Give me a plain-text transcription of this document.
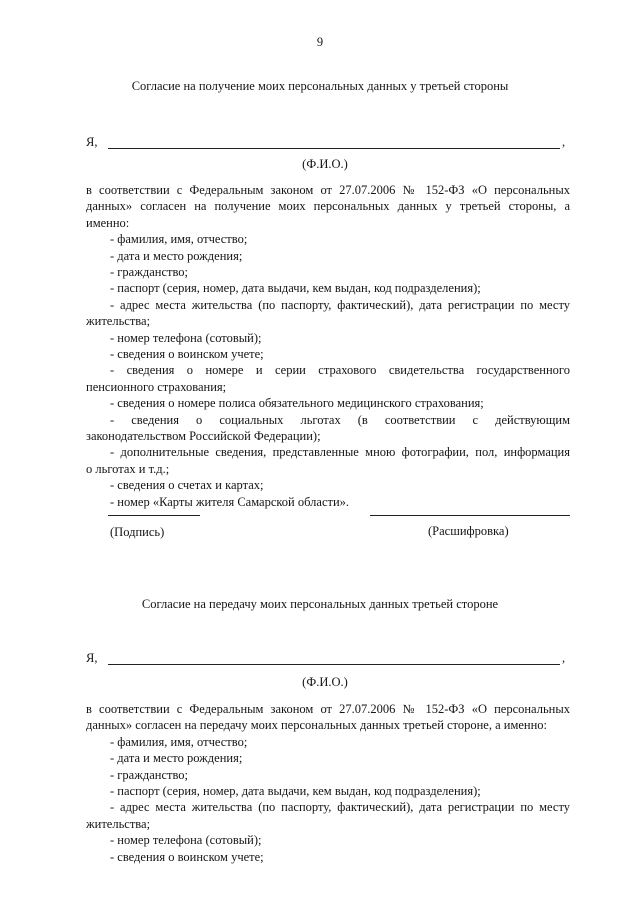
9
Согласие на получение моих персональных данных у третьей стороны
Я,	,
(Ф.И.О.)
в соответствии с Федеральным законом от 27.07.2006 № 152-ФЗ «О персональных
данных» согласен на получение моих персональных данных у третьей стороны, а
именно:
- фамилия, имя, отчество;
- дата и место рождения;
- гражданство;
- паспорт (серия, номер, дата выдачи, кем выдан, код подразделения);
- адрес места жительства (по паспорту, фактический), дата регистрации по месту
жительства;
- номер телефона (сотовый);
- сведения о воинском учете;
- сведения о номере и серии страхового свидетельства государственного
пенсионного страхования;
- сведения о номере полиса обязательного медицинского страхования;
- сведения о социальных льготах (в соответствии с действующим
законодательством Российской Федерации);
- дополнительные сведения, представленные мною фотографии, пол, информация
о льготах и т.д.;
- сведения о счетах и картах;
- номер «Карты жителя Самарской области».
(Подпись)	(Расшифровка)
Согласие на передачу моих персональных данных третьей стороне
Я,	,
(Ф.И.О.)
в соответствии с Федеральным законом от 27.07.2006 № 152-ФЗ «О персональных
данных» согласен на передачу моих персональных данных третьей стороне, а именно:
- фамилия, имя, отчество;
- дата и место рождения;
- гражданство;
- паспорт (серия, номер, дата выдачи, кем выдан, код подразделения);
- адрес места жительства (по паспорту, фактический), дата регистрации по месту
жительства;
- номер телефона (сотовый);
- сведения о воинском учете;
